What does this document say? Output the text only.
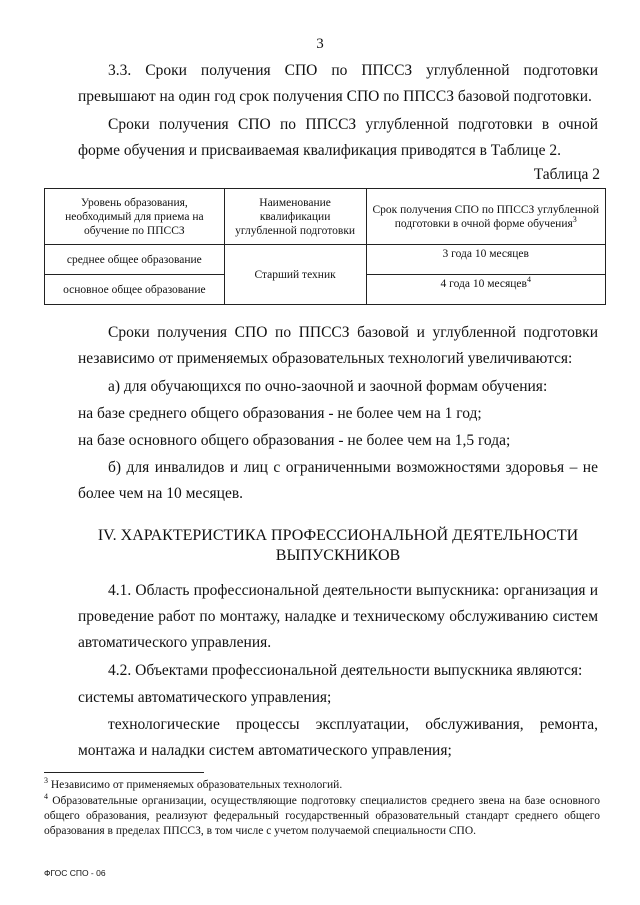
3

3.3. Сроки получения СПО по ППССЗ углубленной подготовки превышают на один год срок получения СПО по ППССЗ базовой подготовки.

Сроки получения СПО по ППССЗ углубленной подготовки в очной форме обучения и присваиваемая квалификация приводятся в Таблице 2.

Таблица 2
Уровень образования, необходимый для приема на обучение по ППССЗ	Наименование квалификации углубленной подготовки	Срок получения СПО по ППССЗ углубленной подготовки в очной форме обучения$^3$
среднее общее образование	Старший техник	3 года 10 месяцев
основное общее образование		4 года 10 месяцев$^4$

Сроки получения СПО по ППССЗ базовой и углубленной подготовки независимо от применяемых образовательных технологий увеличиваются:

а) для обучающихся по очно-заочной и заочной формам обучения:

на базе среднего общего образования - не более чем на 1 год;

на базе основного общего образования - не более чем на 1,5 года;

б) для инвалидов и лиц с ограниченными возможностями здоровья – не более чем на 10 месяцев.

IV. ХАРАКТЕРИСТИКА ПРОФЕССИОНАЛЬНОЙ ДЕЯТЕЛЬНОСТИ ВЫПУСКНИКОВ

4.1. Область профессиональной деятельности выпускника: организация и проведение работ по монтажу, наладке и техническому обслуживанию систем автоматического управления.

4.2. Объектами профессиональной деятельности выпускника являются:

системы автоматического управления;

технологические процессы эксплуатации, обслуживания, ремонта, монтажа и наладки систем автоматического управления;

$^3$ Независимо от применяемых образовательных технологий.

$^4$ Образовательные организации, осуществляющие подготовку специалистов среднего звена на базе основного общего образования, реализуют федеральный государственный образовательный стандарт среднего общего образования в пределах ППССЗ, в том числе с учетом получаемой специальности СПО.

ФГОС СПО - 06
